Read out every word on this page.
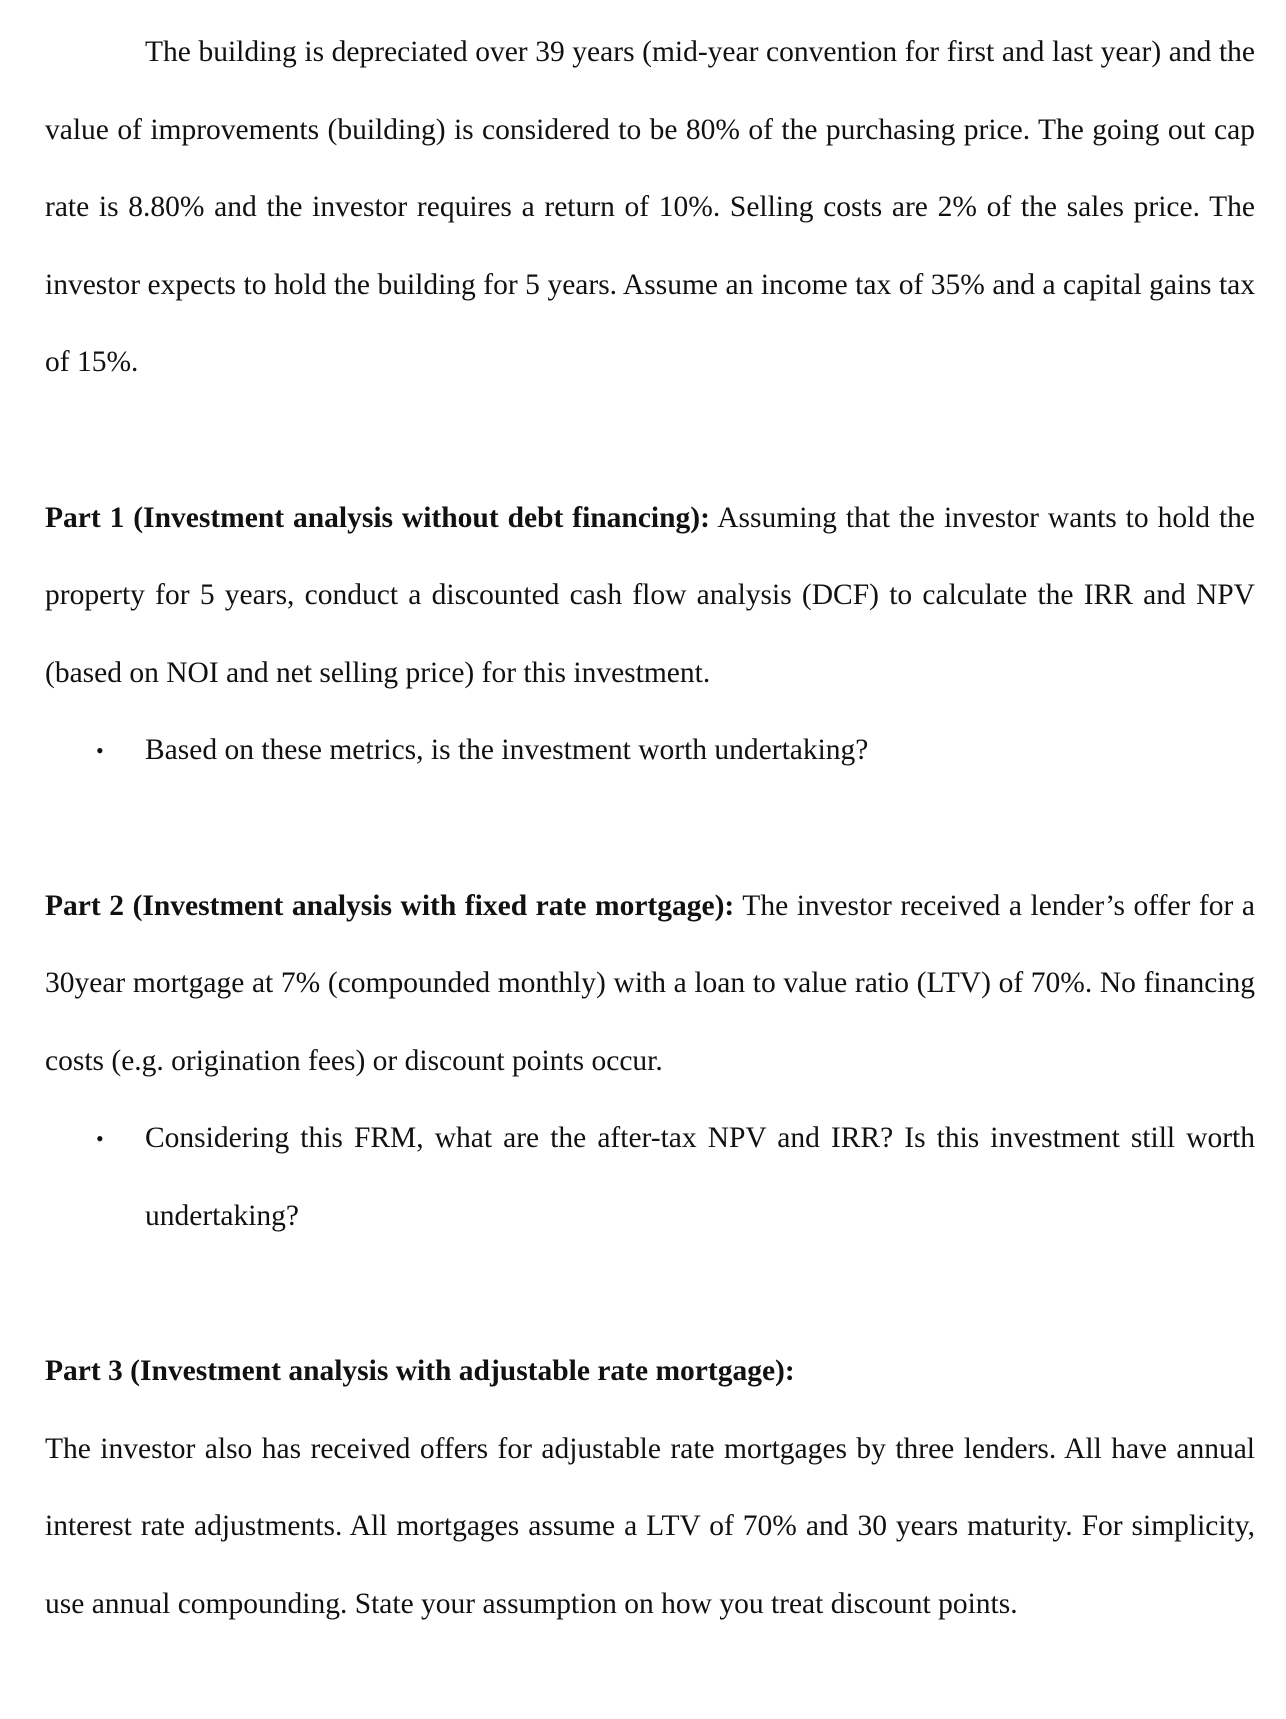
The building is depreciated over 39 years (mid-year convention for first and last year) and the value of improvements (building) is considered to be 80% of the purchasing price. The going out cap rate is 8.80% and the investor requires a return of 10%. Selling costs are 2% of the sales price. The investor expects to hold the building for 5 years. Assume an income tax of 35% and a capital gains tax of 15%.

Part 1 (Investment analysis without debt financing): Assuming that the investor wants to hold the property for 5 years, conduct a discounted cash flow analysis (DCF) to calculate the IRR and NPV (based on NOI and net selling price) for this investment.

• Based on these metrics, is the investment worth undertaking?

Part 2 (Investment analysis with fixed rate mortgage): The investor received a lender’s offer for a 30year mortgage at 7% (compounded monthly) with a loan to value ratio (LTV) of 70%. No financing costs (e.g. origination fees) or discount points occur.

• Considering this FRM, what are the after-tax NPV and IRR? Is this investment still worth undertaking?

Part 3 (Investment analysis with adjustable rate mortgage):

The investor also has received offers for adjustable rate mortgages by three lenders. All have annual interest rate adjustments. All mortgages assume a LTV of 70% and 30 years maturity. For simplicity, use annual compounding. State your assumption on how you treat discount points.
